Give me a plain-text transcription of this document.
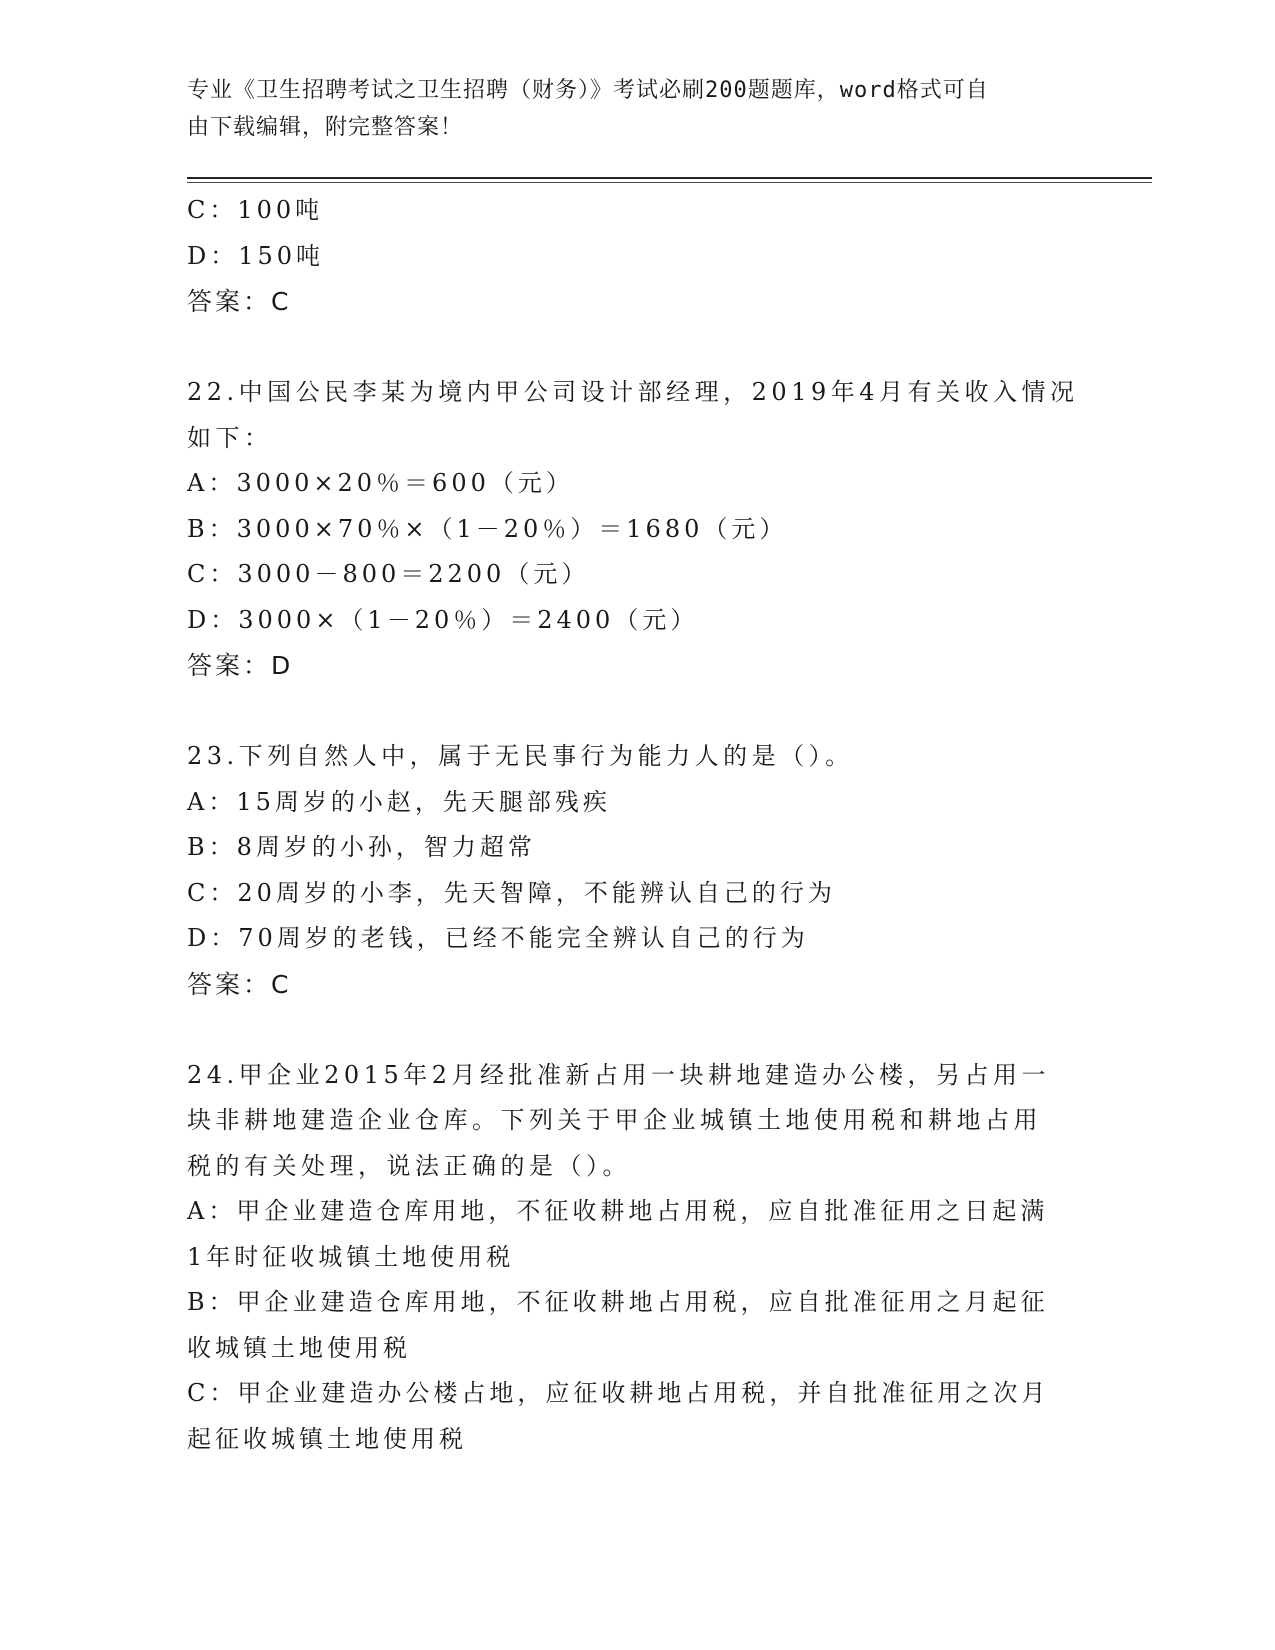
专业《卫生招聘考试之卫生招聘（财务）》考试必刷200题题库，word格式可自
由下载编辑，附完整答案！
C：100吨
D：150吨
答案：C
22.中国公民李某为境内甲公司设计部经理，2019年4月有关收入情况
如下：
A：3000×20％＝600（元）
B：3000×70％×（1－20％）＝1680（元）
C：3000－800＝2200（元）
D：3000×（1－20％）＝2400（元）
答案：D
23.下列自然人中，属于无民事行为能力人的是（）。
A：15周岁的小赵，先天腿部残疾
B：8周岁的小孙，智力超常
C：20周岁的小李，先天智障，不能辨认自己的行为
D：70周岁的老钱，已经不能完全辨认自己的行为
答案：C
24.甲企业2015年2月经批准新占用一块耕地建造办公楼，另占用一
块非耕地建造企业仓库。下列关于甲企业城镇土地使用税和耕地占用
税的有关处理，说法正确的是（）。
A：甲企业建造仓库用地，不征收耕地占用税，应自批准征用之日起满
1年时征收城镇土地使用税
B：甲企业建造仓库用地，不征收耕地占用税，应自批准征用之月起征
收城镇土地使用税
C：甲企业建造办公楼占地，应征收耕地占用税，并自批准征用之次月
起征收城镇土地使用税
